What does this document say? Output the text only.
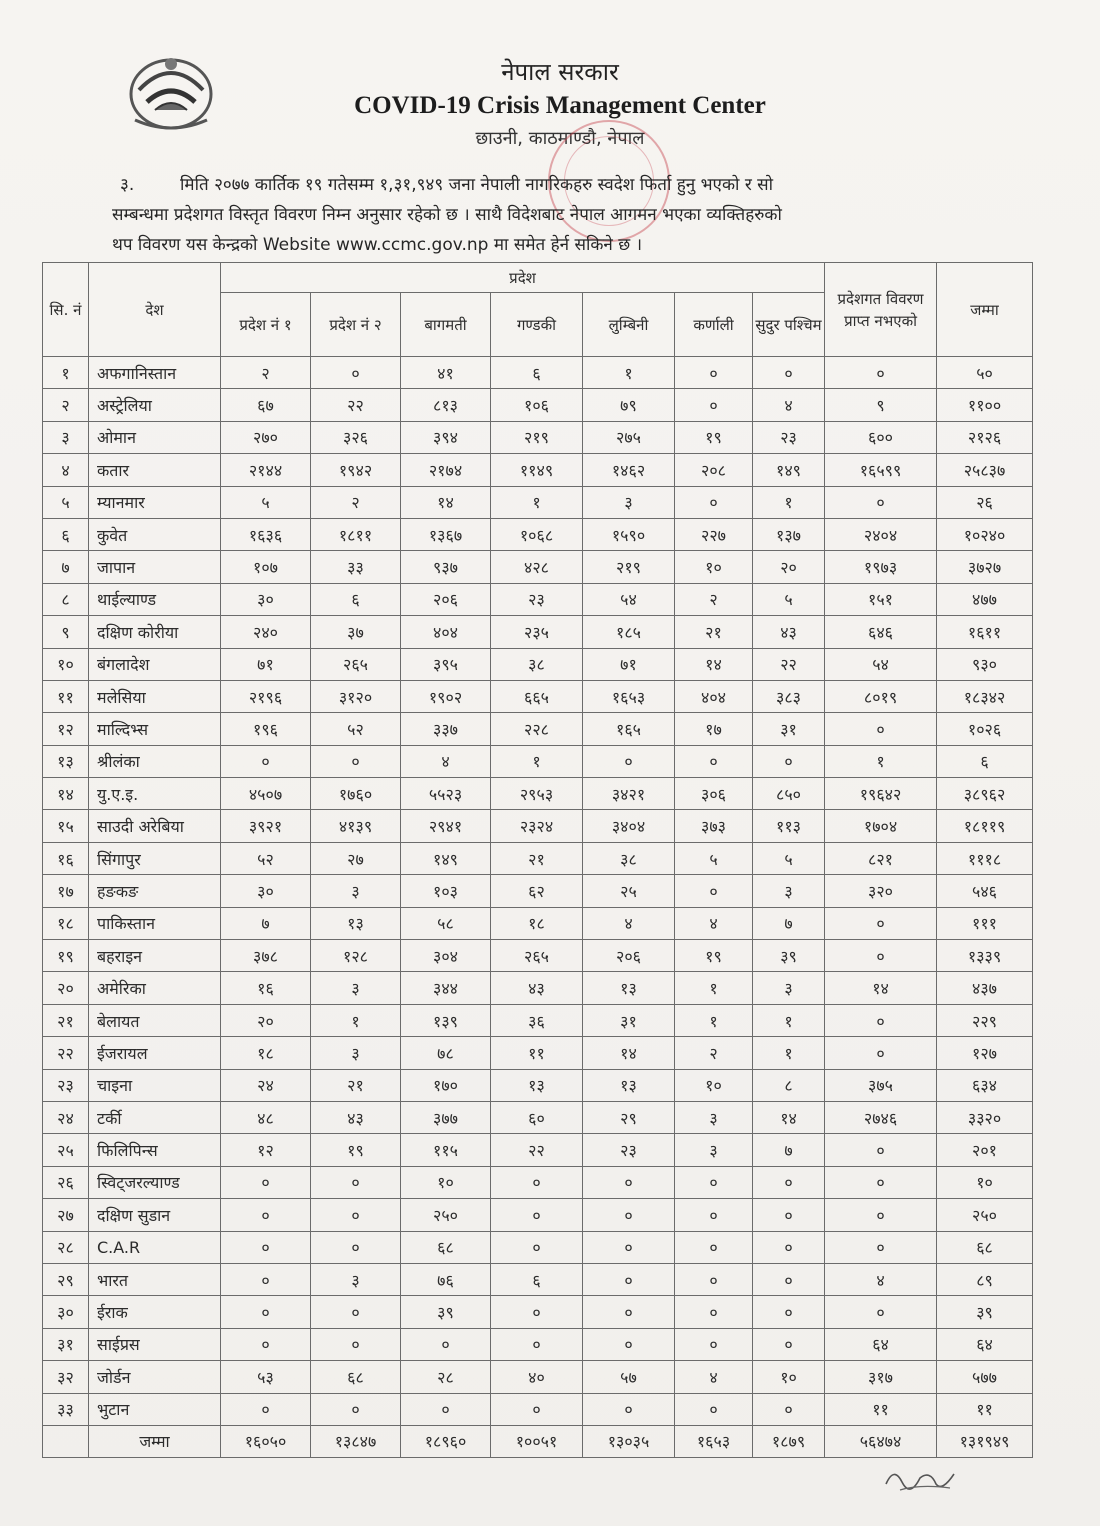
नेपाल सरकार
COVID-19 Crisis Management Center
छाउनी, काठमाण्डौ, नेपाल
३.	मिति २०७७ कार्तिक १९ गतेसम्म १,३१,९४९ जना नेपाली नागरिकहरु स्वदेश फिर्ता हुनु भएको र सो
सम्बन्धमा प्रदेशगत विस्तृत विवरण निम्न अनुसार रहेको छ । साथै विदेशबाट नेपाल आगमन भएका व्यक्तिहरुको
थप विवरण यस केन्द्रको Website www.ccmc.gov.np मा समेत हेर्न सकिने छ ।
सि. नं	देश	प्रदेश							प्रदेशगत विवरण प्राप्त नभएको	जम्मा
		प्रदेश नं १	प्रदेश नं २	बागमती	गण्डकी	लुम्बिनी	कर्णाली	सुदुर पश्चिम		
१	अफगानिस्तान	२	०	४१	६	१	०	०	०	५०
२	अस्ट्रेलिया	६७	२२	८१३	१०६	७९	०	४	९	११००
३	ओमान	२७०	३२६	३९४	२१९	२७५	१९	२३	६००	२१२६
४	कतार	२१४४	१९४२	२१७४	११४९	१४६२	२०८	१४९	१६५९९	२५८३७
५	म्यानमार	५	२	१४	१	३	०	१	०	२६
६	कुवेत	१६३६	१८११	१३६७	१०६८	१५९०	२२७	१३७	२४०४	१०२४०
७	जापान	१०७	३३	९३७	४२८	२१९	१०	२०	१९७३	३७२७
८	थाईल्याण्ड	३०	६	२०६	२३	५४	२	५	१५१	४७७
९	दक्षिण कोरीया	२४०	३७	४०४	२३५	१८५	२१	४३	६४६	१६११
१०	बंगलादेश	७१	२६५	३९५	३८	७१	१४	२२	५४	९३०
११	मलेसिया	२१९६	३१२०	१९०२	६६५	१६५३	४०४	३८३	८०१९	१८३४२
१२	माल्दिभ्स	१९६	५२	३३७	२२८	१६५	१७	३१	०	१०२६
१३	श्रीलंका	०	०	४	१	०	०	०	१	६
१४	यु.ए.इ.	४५०७	१७६०	५५२३	२९५३	३४२१	३०६	८५०	१९६४२	३८९६२
१५	साउदी अरेबिया	३९२१	४१३९	२९४१	२३२४	३४०४	३७३	११३	१७०४	१८११९
१६	सिंगापुर	५२	२७	१४९	२१	३८	५	५	८२१	१११८
१७	हङकङ	३०	३	१०३	६२	२५	०	३	३२०	५४६
१८	पाकिस्तान	७	१३	५८	१८	४	४	७	०	१११
१९	बहराइन	३७८	१२८	३०४	२६५	२०६	१९	३९	०	१३३९
२०	अमेरिका	१६	३	३४४	४३	१३	१	३	१४	४३७
२१	बेलायत	२०	१	१३९	३६	३१	१	१	०	२२९
२२	ईजरायल	१८	३	७८	११	१४	२	१	०	१२७
२३	चाइना	२४	२१	१७०	१३	१३	१०	८	३७५	६३४
२४	टर्की	४८	४३	३७७	६०	२९	३	१४	२७४६	३३२०
२५	फिलिपिन्स	१२	१९	११५	२२	२३	३	७	०	२०१
२६	स्विट्जरल्याण्ड	०	०	१०	०	०	०	०	०	१०
२७	दक्षिण सुडान	०	०	२५०	०	०	०	०	०	२५०
२८	C.A.R	०	०	६८	०	०	०	०	०	६८
२९	भारत	०	३	७६	६	०	०	०	४	८९
३०	ईराक	०	०	३९	०	०	०	०	०	३९
३१	साईप्रस	०	०	०	०	०	०	०	६४	६४
३२	जोर्डन	५३	६८	२८	४०	५७	४	१०	३१७	५७७
३३	भुटान	०	०	०	०	०	०	०	११	११
	जम्मा	१६०५०	१३८४७	१८९६०	१००५१	१३०३५	१६५३	१८७९	५६४७४	१३१९४९
